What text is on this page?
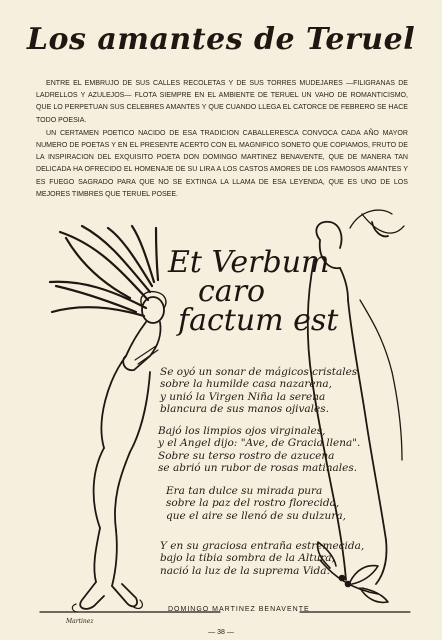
Los amantes de Teruel

ENTRE EL EMBRUJO DE SUS CALLES RECOLETAS Y DE SUS TORRES MUDEJARES —FILIGRANAS DE LADRELLOS Y AZULEJOS— FLOTA SIEMPRE EN EL AMBIENTE DE TERUEL UN VAHO DE ROMANTICISMO, QUE LO PERPETUAN SUS CELEBRES AMANTES Y QUE CUANDO LLEGA EL CATORCE DE FEBRERO SE HACE TODO POESIA.

UN CERTAMEN POETICO NACIDO DE ESA TRADICION CABALLERESCA CONVOCA CADA AÑO MAYOR NUMERO DE POETAS Y EN EL PRESENTE ACERTO CON EL MAGNIFICO SONETO QUE COPIAMOS, FRUTO DE LA INSPIRACION DEL EXQUISITO POETA DON DOMINGO MARTINEZ BENAVENTE, QUE DE MANERA TAN DELICADA HA OFRECIDO EL HOMENAJE DE SU LIRA A LOS CASTOS AMORES DE LOS FAMOSOS AMANTES Y ES FUEGO SAGRADO PARA QUE NO SE EXTINGA LA LLAMA DE ESA LEYENDA, QUE ES UNO DE LOS MEJORES TIMBRES QUE TERUEL POSEE.

Et Verbum
caro
factum est
Se oyó un sonar de mágicos cristales
sobre la humilde casa nazarena,
y unió la Virgen Niña la serena
blancura de sus manos ojivales.
Bajó los limpios ojos virginales,
y el Angel dijo: "Ave, de Gracia llena".
Sobre su terso rostro de azucena
se abrió un rubor de rosas matinales.
Era tan dulce su mirada pura
sobre la paz del rostro florecida,
que el aire se llenó de su dulzura,
Y en su graciosa entraña estremecida,
bajo la tibia sombra de la Altura,
nació la luz de la suprema Vida.
DOMINGO MARTINEZ BENAVENTE
Martinez
— 38 —
